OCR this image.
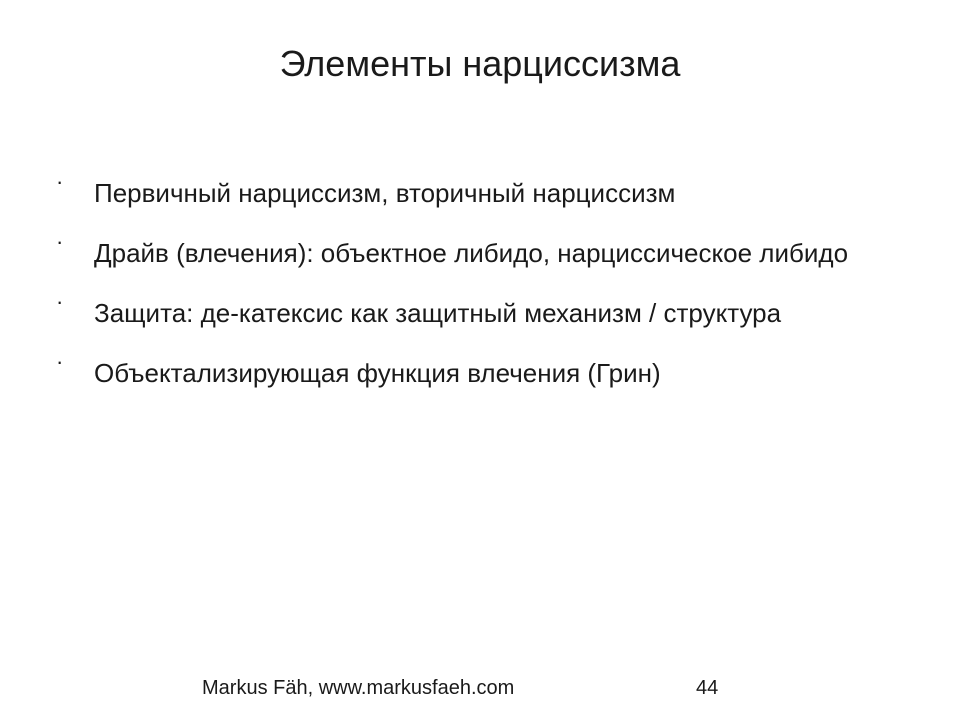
Элементы нарциссизма
· Первичный нарциссизм, вторичный нарциссизм
· Драйв (влечения): объектное либидо, нарциссическое либидо
· Защита: де-катексис как защитный механизм / структура
· Объектализирующая функция влечения (Грин)
Markus Fäh, www.markusfaeh.com	44
